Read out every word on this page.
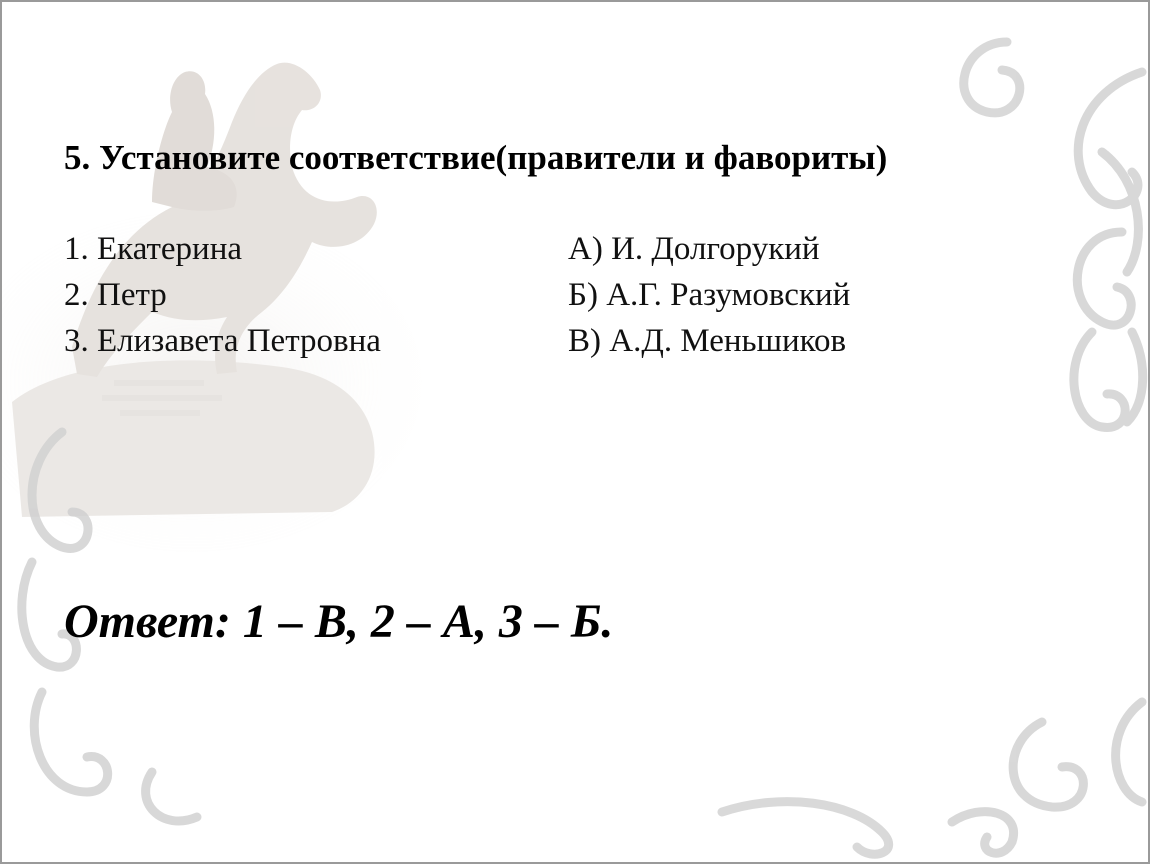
5. Установите соответствие(правители и фавориты)
1. Екатерина
2. Петр
3. Елизавета Петровна
А) И. Долгорукий
Б) А.Г. Разумовский
В) А.Д. Меньшиков
Ответ: 1 – В, 2 – А, 3 – Б.
